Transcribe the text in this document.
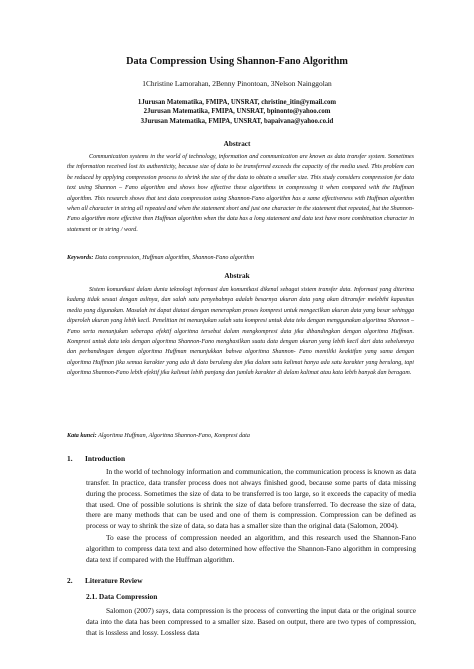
Data Compression Using Shannon-Fano Algorithm
1Christine Lamorahan, 2Benny Pinontoan, 3Nelson Nainggolan
1Jurusan Matematika, FMIPA, UNSRAT, christine_itin@ymail.com
2Jurusan Matematika, FMIPA, UNSRAT, bpinonto@yahoo.com
3Jurusan Matematika, FMIPA, UNSRAT, bapaivana@yahoo.co.id
Abstract
Communication systems in the world of technology, information and communication are known as data transfer system. Sometimes the information received lost its authenticity, because size of data to be transferred exceeds the capacity of the media used. This problem can be reduced by applying compression process to shrink the size of the data to obtain a smaller size. This study considers compression for data text using Shannon – Fano algorithm and shows how effective these algorithms in compressing it when compared with the Huffman algorithm. This research shows that text data compression using Shannon-Fano algorithm has a same effectiveness with Huffman algorithm when all character in string all repeated and when the statement short and just one character in the statement that repeated, but the Shannon-Fano algorithm more effective then Huffman algorithm when the data has a long statement and data text have more combination character in statement or in string / word.
Keywords: Data compression, Huffman algorithm, Shannon-Fano algorithm
Abstrak
Sistem komunikasi dalam dunia teknologi informasi dan komunikasi dikenal sebagai sistem transfer data. Informasi yang diterima kadang tidak sesuai dengan aslinya, dan salah satu penyebabnya adalah besarnya ukuran data yang akan ditransfer melebihi kapasitas media yang digunakan. Masalah ini dapat diatasi dengan menerapkan proses kompresi untuk mengecilkan ukuran data yang besar sehingga diperoleh ukuran yang lebih kecil. Penelitian ini menunjukan salah satu kompresi untuk data teks dengan menggunakan algoritma Shannon – Fano serta menunjukan seberapa efektif algoritma tersebut dalam mengkompresi data jika dibandingkan dengan algoritma Huffman. Kompresi untuk data teks dengan algoritma Shannon-Fano menghasilkan suatu data dengan ukuran yang lebih kecil dari data sebelumnya dan perbandingan dengan algoritma Huffman menunjukkan bahwa algoritma Shannon- Fano memiliki keaktifan yang sama dengan algoritma Huffman jika semua karakter yang ada di data berulang dan jika dalam satu kalimat hanya ada satu karakter yang berulang, tapi algoritma Shannon-Fano lebih efektif jika kalimat lebih panjang dan jumlah karakter di dalam kalimat atau kata lebih banyak dan beragam.
Kata kunci: Algoritma Huffman, Algoritma Shannon-Fano, Kompresi data
1. Introduction
In the world of technology information and communication, the communication process is known as data transfer. In practice, data transfer process does not always finished good, because some parts of data missing during the process. Sometimes the size of data to be transferred is too large, so it exceeds the capacity of media that used. One of possible solutions is shrink the size of data before transferred. To decrease the size of data, there are many methods that can be used and one of them is compression. Compression can be defined as process or way to shrink the size of data, so data has a smaller size than the original data (Salomon, 2004).
To ease the process of compression needed an algorithm, and this research used the Shannon-Fano algorithm to compress data text and also determined how effective the Shannon-Fano algorithm in compresing data text if compared with the Huffman algorithm.
2. Literature Review
2.1. Data Compression
Salomon (2007) says, data compression is the process of converting the input data or the original source data into the data has been compressed to a smaller size. Based on output, there are two types of compression, that is lossless and lossy. Lossless data
